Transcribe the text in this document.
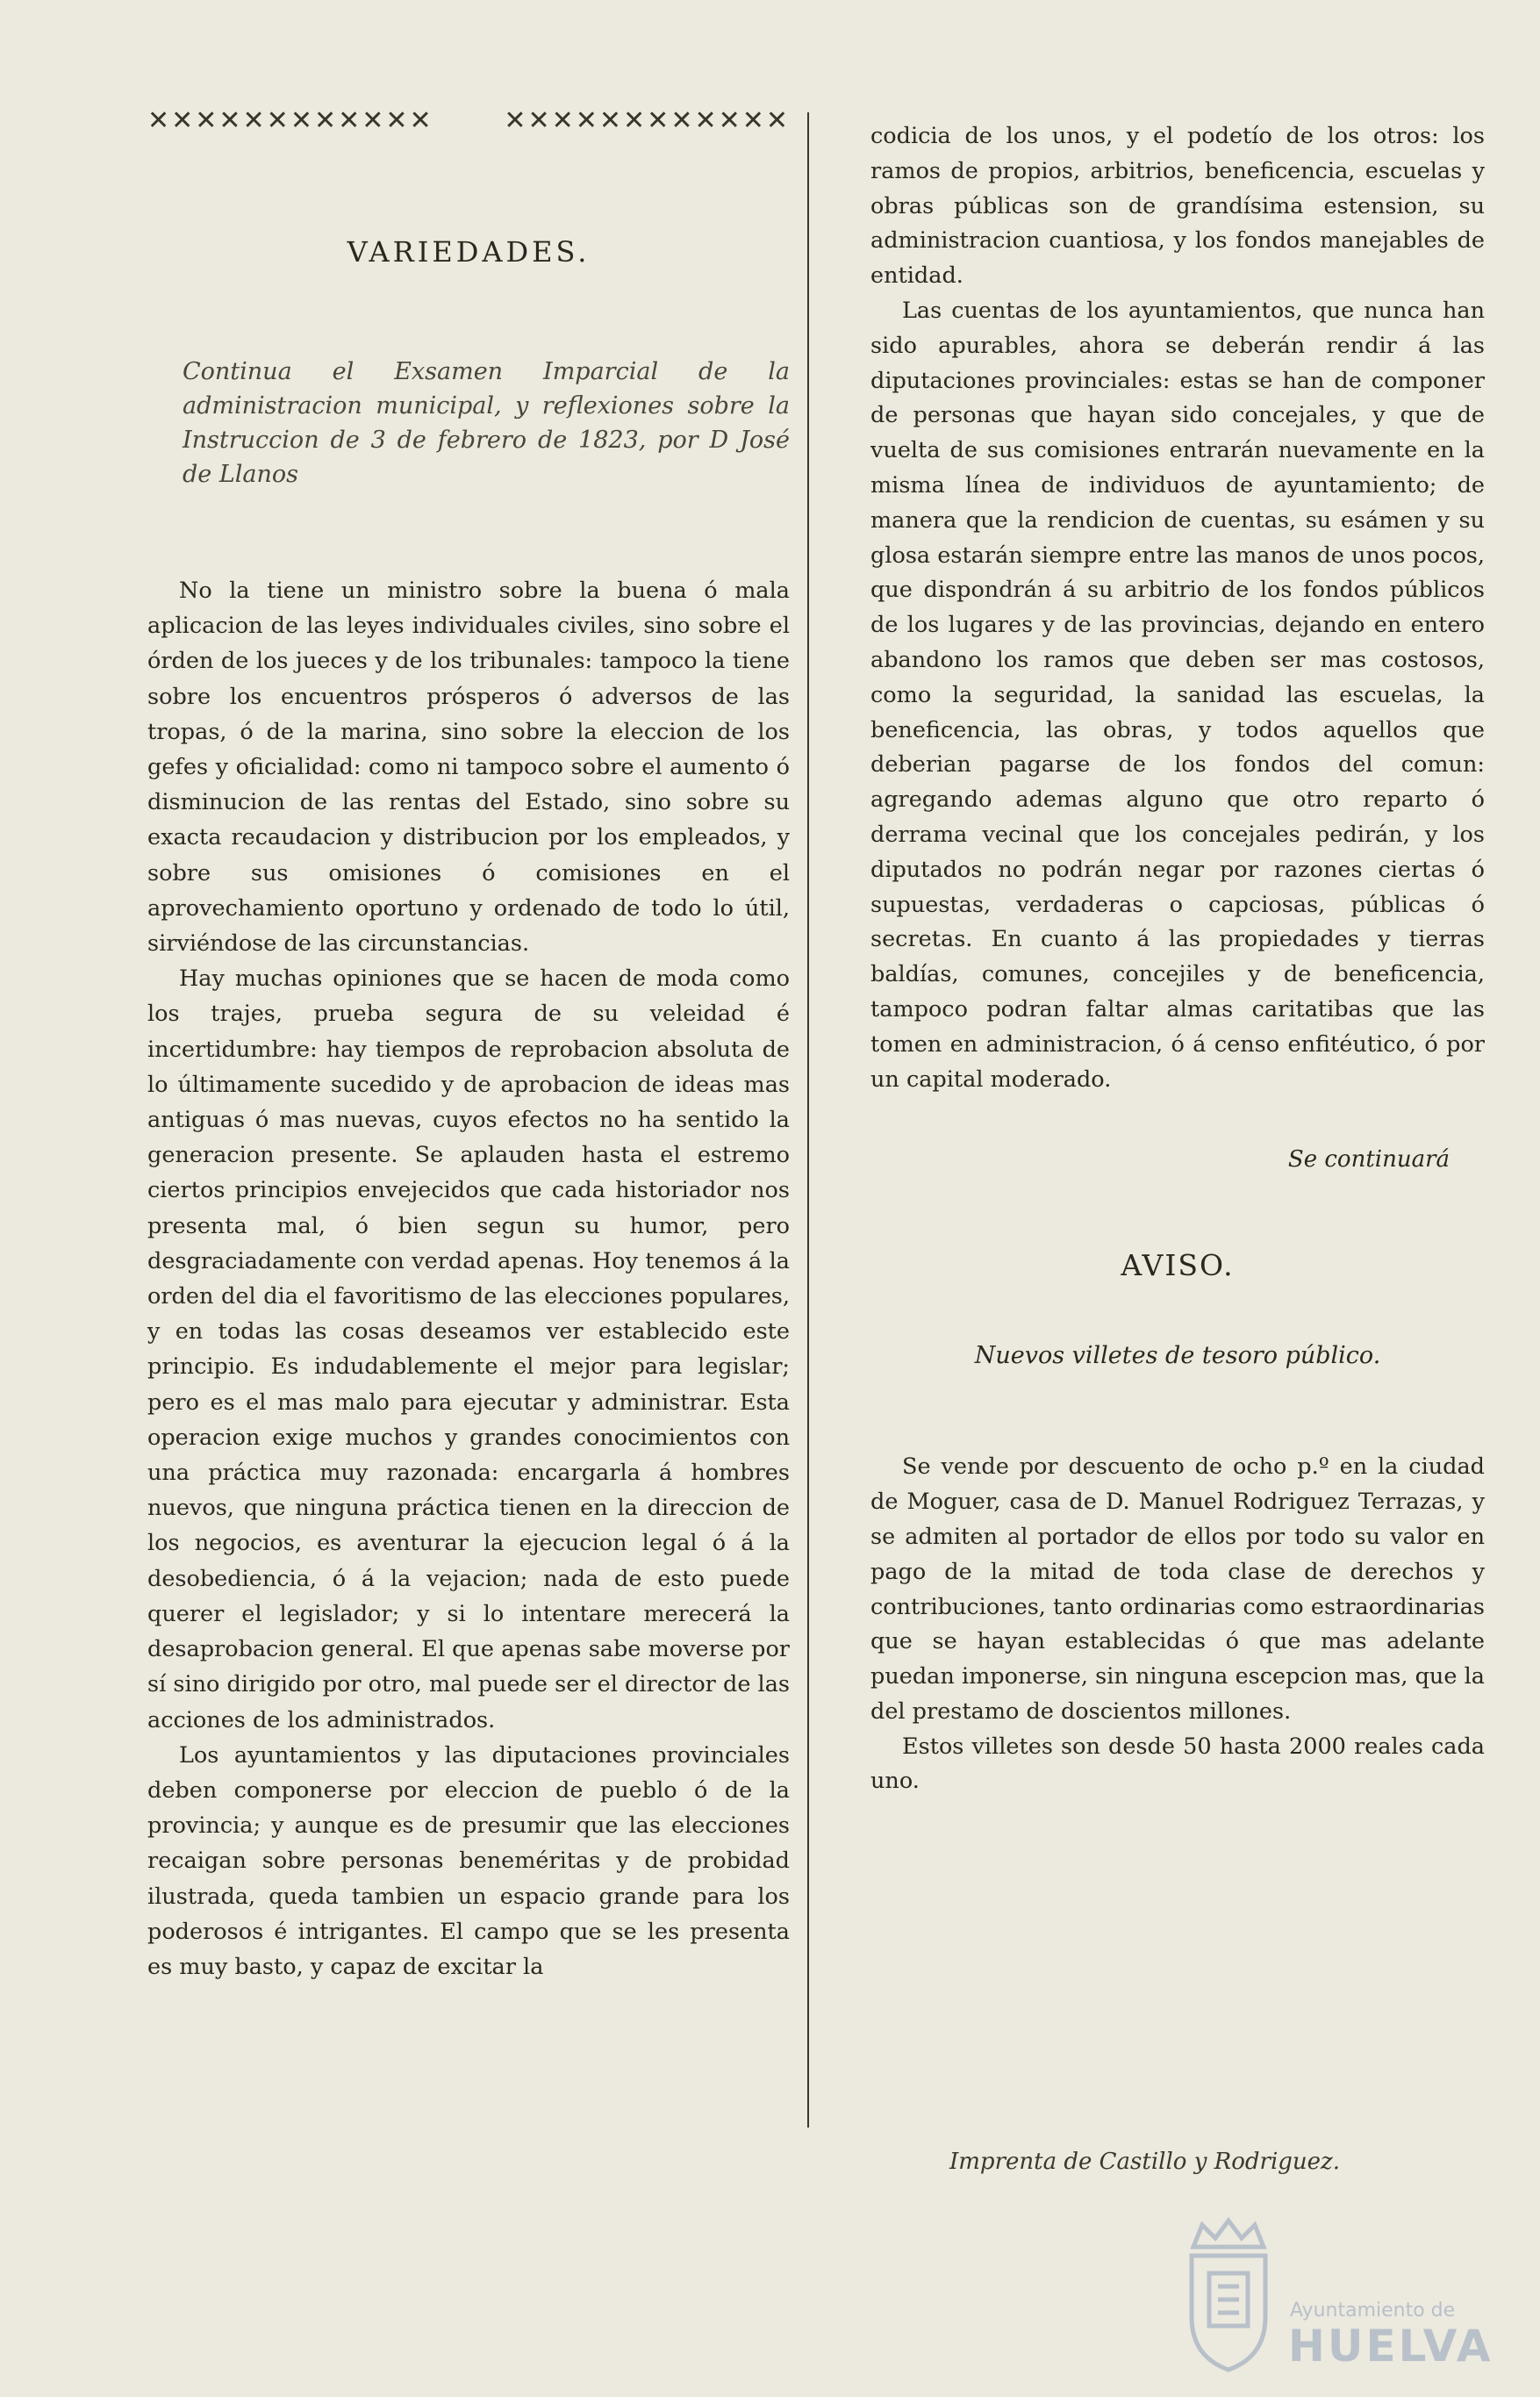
✕✕✕✕✕✕✕✕✕✕✕✕	✕✕✕✕✕✕✕✕✕✕✕✕
VARIEDADES.
Continua el Exsamen Imparcial de la administracion municipal, y reflexiones sobre la Instruccion de 3 de febrero de 1823, por D José de Llanos

No la tiene un ministro sobre la buena ó mala aplicacion de las leyes individuales civiles, sino sobre el órden de los jueces y de los tribunales: tampoco la tiene sobre los encuentros prósperos ó adversos de las tropas, ó de la marina, sino sobre la eleccion de los gefes y oficialidad: como ni tampoco sobre el aumento ó disminucion de las rentas del Estado, sino sobre su exacta recaudacion y distribucion por los empleados, y sobre sus omisiones ó comisiones en el aprovechamiento oportuno y ordenado de todo lo útil, sirviéndose de las circunstancias.

Hay muchas opiniones que se hacen de moda como los trajes, prueba segura de su veleidad é incertidumbre: hay tiempos de reprobacion absoluta de lo últimamente sucedido y de aprobacion de ideas mas antiguas ó mas nuevas, cuyos efectos no ha sentido la generacion presente. Se aplauden hasta el estremo ciertos principios envejecidos que cada historiador nos presenta mal, ó bien segun su humor, pero desgraciadamente con verdad apenas. Hoy tenemos á la orden del dia el favoritismo de las elecciones populares, y en todas las cosas deseamos ver establecido este principio. Es indudablemente el mejor para legislar; pero es el mas malo para ejecutar y administrar. Esta operacion exige muchos y grandes conocimientos con una práctica muy razonada: encargarla á hombres nuevos, que ninguna práctica tienen en la direccion de los negocios, es aventurar la ejecucion legal ó á la desobediencia, ó á la vejacion; nada de esto puede querer el legislador; y si lo intentare merecerá la desaprobacion general. El que apenas sabe moverse por sí sino dirigido por otro, mal puede ser el director de las acciones de los administrados.

Los ayuntamientos y las diputaciones provinciales deben componerse por eleccion de pueblo ó de la provincia; y aunque es de presumir que las elecciones recaigan sobre personas beneméritas y de probidad ilustrada, queda tambien un espacio grande para los poderosos é intrigantes. El campo que se les presenta es muy basto, y capaz de excitar la

codicia de los unos, y el podetío de los otros: los ramos de propios, arbitrios, beneficencia, escuelas y obras públicas son de grandísima estension, su administracion cuantiosa, y los fondos manejables de entidad.

Las cuentas de los ayuntamientos, que nunca han sido apurables, ahora se deberán rendir á las diputaciones provinciales: estas se han de componer de personas que hayan sido concejales, y que de vuelta de sus comisiones entrarán nuevamente en la misma línea de individuos de ayuntamiento; de manera que la rendicion de cuentas, su esámen y su glosa estarán siempre entre las manos de unos pocos, que dispondrán á su arbitrio de los fondos públicos de los lugares y de las provincias, dejando en entero abandono los ramos que deben ser mas costosos, como la seguridad, la sanidad las escuelas, la beneficencia, las obras, y todos aquellos que deberian pagarse de los fondos del comun: agregando ademas alguno que otro reparto ó derrama vecinal que los concejales pedirán, y los diputados no podrán negar por razones ciertas ó supuestas, verdaderas o capciosas, públicas ó secretas. En cuanto á las propiedades y tierras baldías, comunes, concejiles y de beneficencia, tampoco podran faltar almas caritatibas que las tomen en administracion, ó á censo enfitéutico, ó por un capital moderado.

Se continuará
AVISO.
Nuevos villetes de tesoro público.

Se vende por descuento de ocho p.º en la ciudad de Moguer, casa de D. Manuel Rodriguez Terrazas, y se admiten al portador de ellos por todo su valor en pago de la mitad de toda clase de derechos y contribuciones, tanto ordinarias como estraordinarias que se hayan establecidas ó que mas adelante puedan imponerse, sin ninguna escepcion mas, que la del prestamo de doscientos millones.

Estos villetes son desde 50 hasta 2000 reales cada uno.

Imprenta de Castillo y Rodriguez.
Ayuntamiento de
HUELVA
